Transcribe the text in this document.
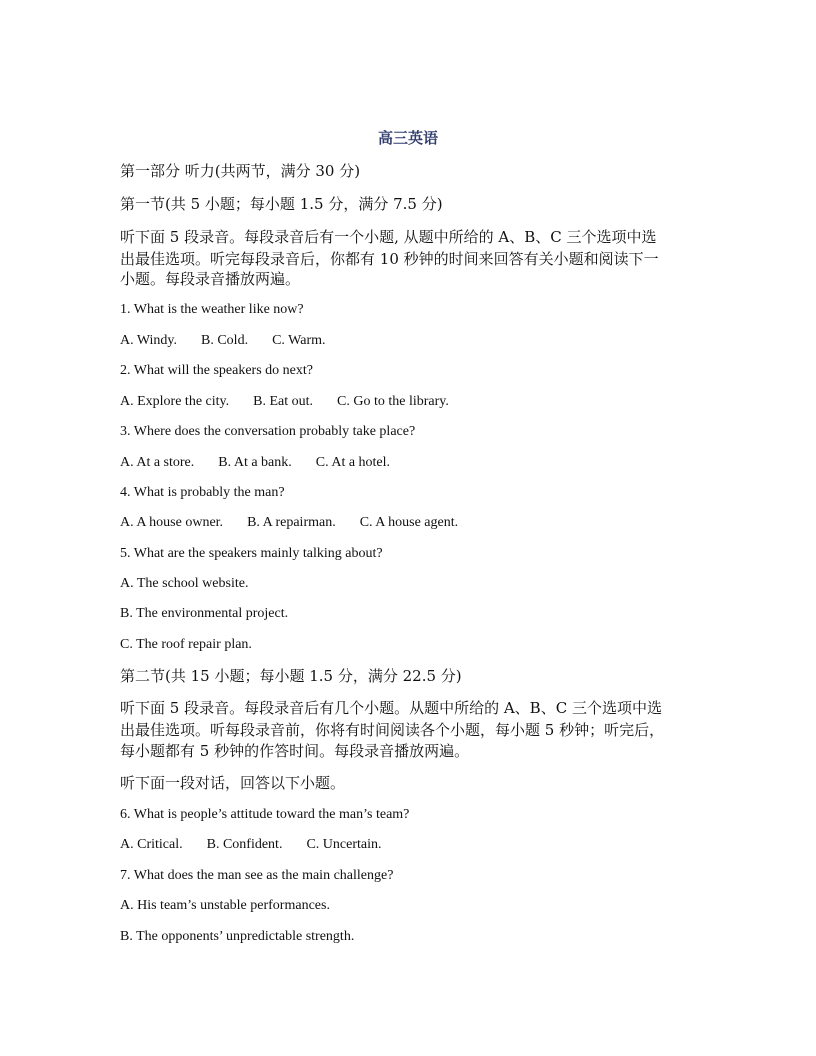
高三英语
第一部分 听力(共两节，满分 30 分)
第一节(共 5 小题；每小题 1.5 分，满分 7.5 分)
听下面 5 段录音。每段录音后有一个小题, 从题中所给的 A、B、C 三个选项中选
出最佳选项。听完每段录音后，你都有 10 秒钟的时间来回答有关小题和阅读下一
小题。每段录音播放两遍。
1. What is the weather like now?
A. Windy. B. Cold. C. Warm.
2. What will the speakers do next?
A. Explore the city. B. Eat out. C. Go to the library.
3. Where does the conversation probably take place?
A. At a store. B. At a bank. C. At a hotel.
4. What is probably the man?
A. A house owner. B. A repairman. C. A house agent.
5. What are the speakers mainly talking about?
A. The school website.
B. The environmental project.
C. The roof repair plan.
第二节(共 15 小题；每小题 1.5 分，满分 22.5 分)
听下面 5 段录音。每段录音后有几个小题。从题中所给的 A、B、C 三个选项中选
出最佳选项。听每段录音前，你将有时间阅读各个小题，每小题 5 秒钟；听完后，
每小题都有 5 秒钟的作答时间。每段录音播放两遍。
听下面一段对话，回答以下小题。
6. What is people’s attitude toward the man’s team?
A. Critical. B. Confident. C. Uncertain.
7. What does the man see as the main challenge?
A. His team’s unstable performances.
B. The opponents’ unpredictable strength.
